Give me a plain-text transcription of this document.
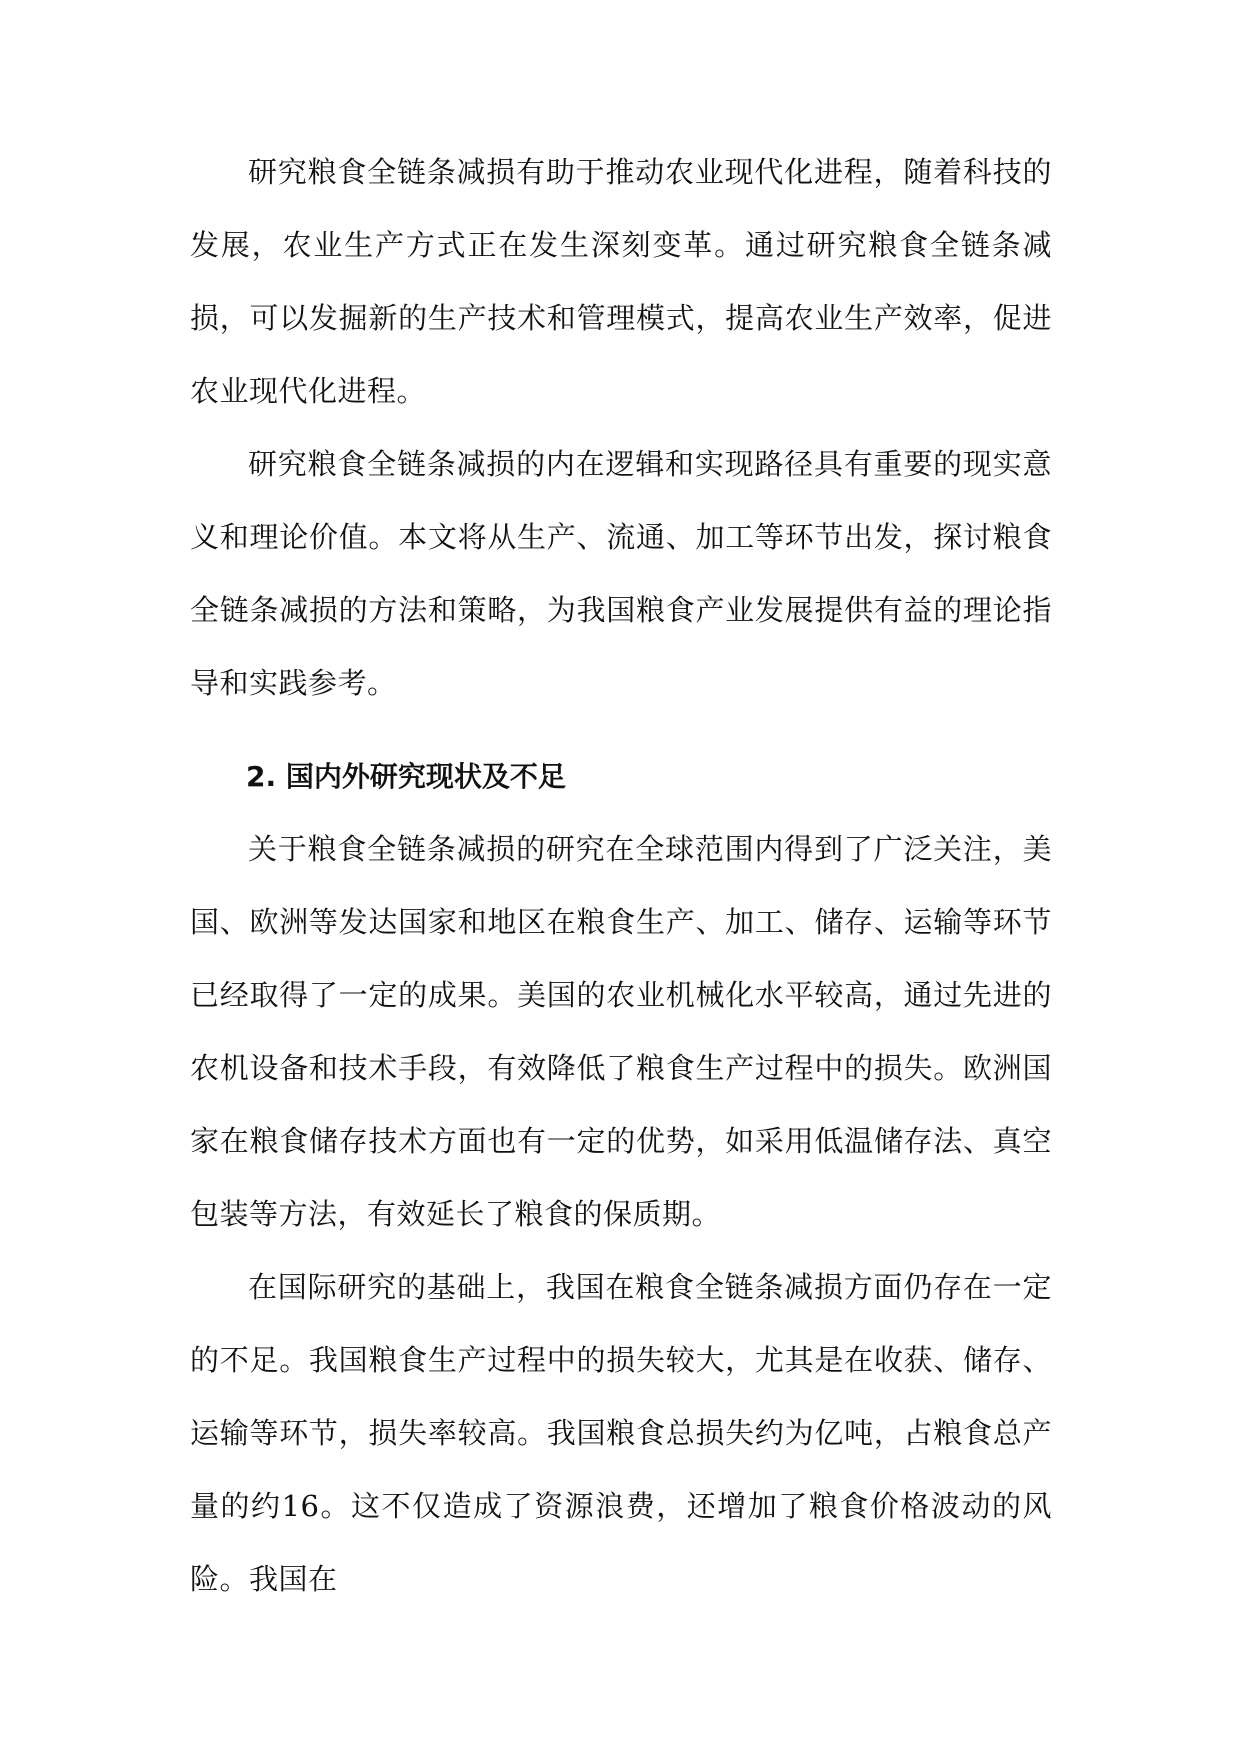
研究粮食全链条减损有助于推动农业现代化进程，随着科技的发展，农业生产方式正在发生深刻变革。通过研究粮食全链条减损，可以发掘新的生产技术和管理模式，提高农业生产效率，促进农业现代化进程。

研究粮食全链条减损的内在逻辑和实现路径具有重要的现实意义和理论价值。本文将从生产、流通、加工等环节出发，探讨粮食全链条减损的方法和策略，为我国粮食产业发展提供有益的理论指导和实践参考。

2. 国内外研究现状及不足

关于粮食全链条减损的研究在全球范围内得到了广泛关注，美国、欧洲等发达国家和地区在粮食生产、加工、储存、运输等环节已经取得了一定的成果。美国的农业机械化水平较高，通过先进的农机设备和技术手段，有效降低了粮食生产过程中的损失。欧洲国家在粮食储存技术方面也有一定的优势，如采用低温储存法、真空包装等方法，有效延长了粮食的保质期。

在国际研究的基础上，我国在粮食全链条减损方面仍存在一定的不足。我国粮食生产过程中的损失较大，尤其是在收获、储存、运输等环节，损失率较高。我国粮食总损失约为亿吨，占粮食总产量的约16。这不仅造成了资源浪费，还增加了粮食价格波动的风险。我国在
